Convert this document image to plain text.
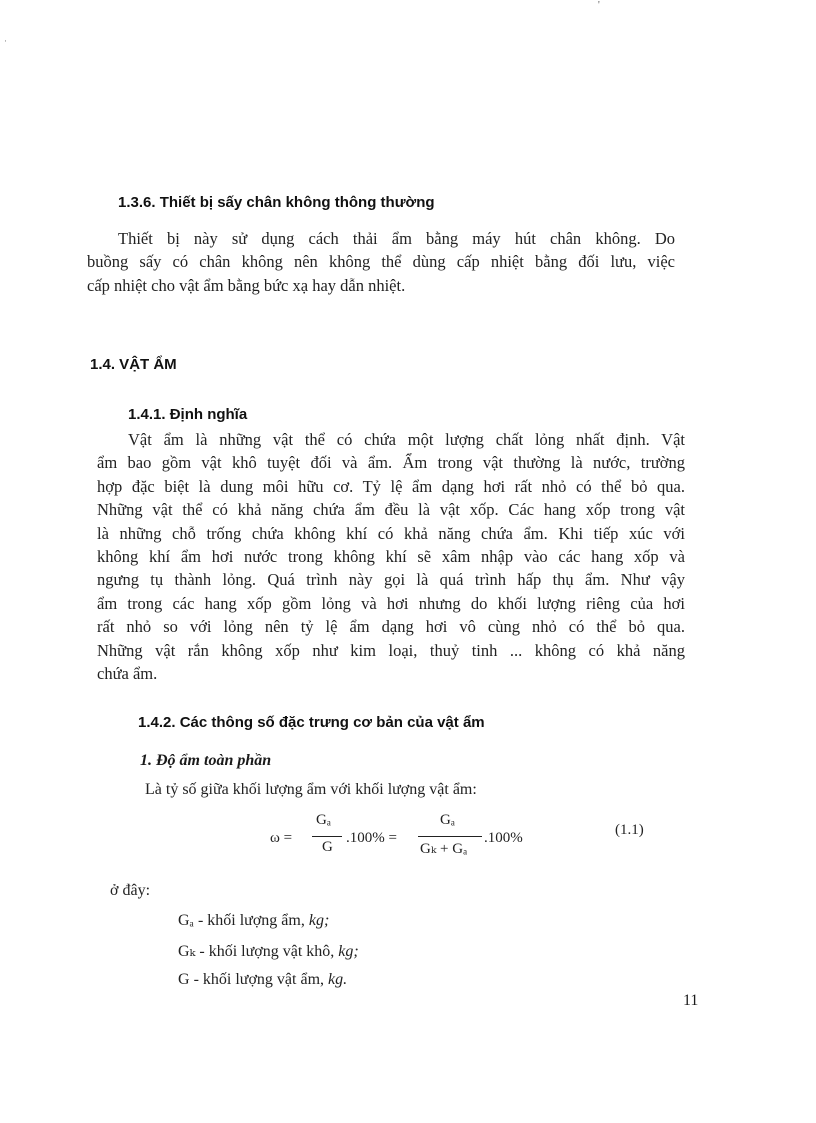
'
·
1.3.6. Thiết bị sấy chân không thông thường
Thiết bị này sử dụng cách thải ẩm bằng máy hút chân không. Do
buồng sấy có chân không nên không thể dùng cấp nhiệt bằng đối lưu, việc
cấp nhiệt cho vật ẩm bằng bức xạ hay dẫn nhiệt.
1.4. VẬT ẨM
1.4.1. Định nghĩa
Vật ẩm là những vật thể có chứa một lượng chất lỏng nhất định. Vật
ẩm bao gồm vật khô tuyệt đối và ẩm. Ẩm trong vật thường là nước, trường
hợp đặc biệt là dung môi hữu cơ. Tỷ lệ ẩm dạng hơi rất nhỏ có thể bỏ qua.
Những vật thể có khả năng chứa ẩm đều là vật xốp. Các hang xốp trong vật
là những chỗ trống chứa không khí có khả năng chứa ẩm. Khi tiếp xúc với
không khí ẩm hơi nước trong không khí sẽ xâm nhập vào các hang xốp và
ngưng tụ thành lỏng. Quá trình này gọi là quá trình hấp thụ ẩm. Như vậy
ẩm trong các hang xốp gồm lỏng và hơi nhưng do khối lượng riêng của hơi
rất nhỏ so với lỏng nên tỷ lệ ẩm dạng hơi vô cùng nhỏ có thể bỏ qua.
Những vật rắn không xốp như kim loại, thuỷ tinh ... không có khả năng
chứa ẩm.
1.4.2. Các thông số đặc trưng cơ bản của vật ẩm
1. Độ ẩm toàn phần
Là tỷ số giữa khối lượng ẩm với khối lượng vật ẩm:
ω =
Gₐ
G
.100% =
Gₐ
Gₖ + Gₐ
.100%	(1.1)
ở đây:
Gₐ - khối lượng ẩm, kg;
Gₖ - khối lượng vật khô, kg;
G - khối lượng vật ẩm, kg.
11
